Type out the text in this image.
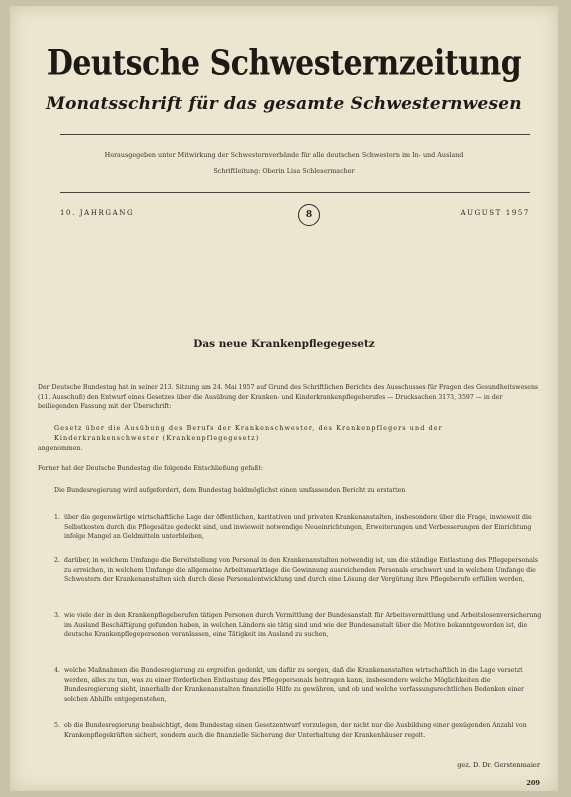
Deutsche Schwesternzeitung
Monatsschrift für das gesamte Schwesternwesen
Herausgegeben unter Mitwirkung der Schwesternverbände für alle deutschen Schwestern im In- und Ausland
Schriftleitung: Oberin Lisa Schlesermacher
10. JAHRGANG	8	AUGUST 1957
Das neue Krankenpflegegesetz
Der Deutsche Bundestag hat in seiner 213. Sitzung am 24. Mai 1957 auf Grund des Schriftlichen Berichts des Ausschusses für Fragen des Gesundheitswesens (11. Ausschuß) den Entwurf eines Gesetzes über die Ausübung der Kranken- und Kinderkrankenpflegeberufes — Drucksachen 3173, 3597 — in der beiliegenden Fassung mit der Überschrift:
Gesetz über die Ausübung des Berufs der Krankenschwester, des Krankenpflegers und der Kinderkrankenschwester (Krankenpflegegesetz)
angenommen.
Ferner hat der Deutsche Bundestag die folgende Entschließung gefaßt:
Die Bundesregierung wird aufgefordert, dem Bundestag baldmöglichst einen umfassenden Bericht zu erstatten
1. über die gegenwärtige wirtschaftliche Lage der öffentlichen, karitativen und privaten Krankenanstalten, insbesondere über die Frage, inwieweit die Selbstkosten durch die Pflegesätze gedeckt sind, und inwieweit notwendige Neueinrichtungen, Erweiterungen und Verbesserungen der Einrichtung infolge Mangel an Geldmitteln unterbleiben,
2. darüber, in welchem Umfange die Bereitstellung von Personal in den Krankenanstalten notwendig ist, um die ständige Entlastung des Pflegepersonals zu erreichen, in welchem Umfange die allgemeine Arbeitsmarktlage die Gewinnung ausreichenden Personals erschwert und in welchem Umfange die Schwestern der Krankenanstalten sich durch diese Personalentwicklung und durch eine Lösung der Vergütung ihre Pflegeberufe erfüllen werden,
3. wie viele der in den Krankenpflegeberufen tätigen Personen durch Vermittlung der Bundesanstalt für Arbeitsvermittlung und Arbeitslosenversicherung im Ausland Beschäftigung gefunden haben, in welchen Ländern sie tätig sind und wie der Bundesanstalt über die Motive bekanntgeworden ist, die deutsche Krankenpflegepersonen veranlassen, eine Tätigkeit im Ausland zu suchen,
4. welche Maßnahmen die Bundesregierung zu ergreifen gedenkt, um dafür zu sorgen, daß die Krankenanstalten wirtschaftlich in die Lage versetzt werden, alles zu tun, was zu einer förderlichen Entlastung des Pflegepersonals beitragen kann, insbesondere welche Möglichkeiten die Bundesregierung sieht, innerhalb der Krankenanstalten finanzielle Hilfe zu gewähren, und ob und welche verfassungsrechtlichen Bedenken einer solchen Abhilfe entgegenstehen,
5. ob die Bundesregierung beabsichtigt, dem Bundestag einen Gesetzentwurf vorzulegen, der nicht nur die Ausbildung einer genügenden Anzahl von Krankenpflegekräften sichert, sondern auch die finanzielle Sicherung der Unterhaltung der Krankenhäuser regelt.
gez. D. Dr. Gerstenmaier
209
